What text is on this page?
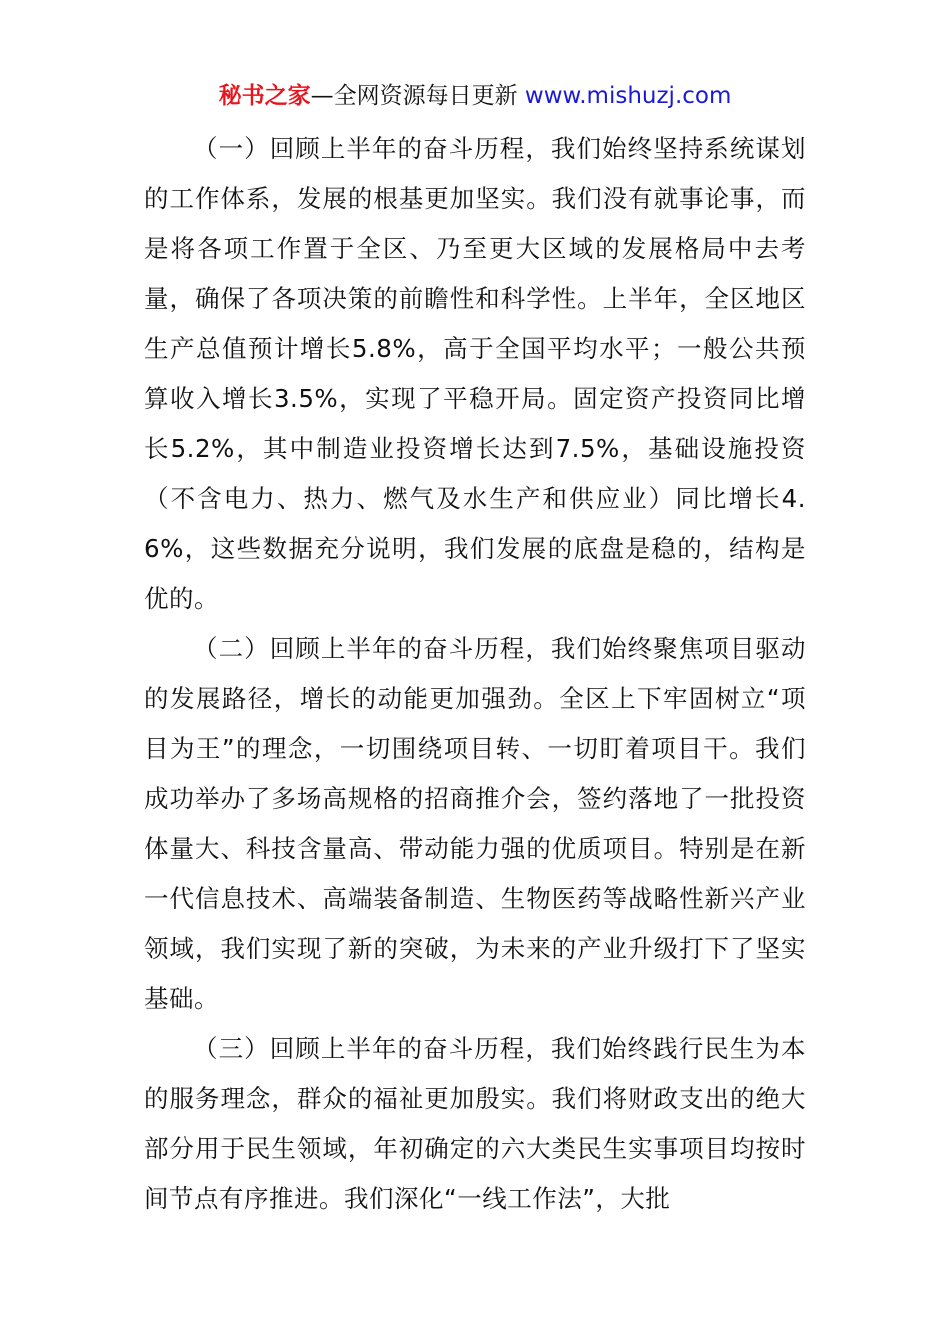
秘书之家—全网资源每日更新 www.mishuzj.com

（一）回顾上半年的奋斗历程，我们始终坚持系统谋划的工作体系，发展的根基更加坚实。我们没有就事论事，而是将各项工作置于全区、乃至更大区域的发展格局中去考量，确保了各项决策的前瞻性和科学性。上半年，全区地区生产总值预计增长5.8%，高于全国平均水平；一般公共预算收入增长3.5%，实现了平稳开局。固定资产投资同比增长5.2%，其中制造业投资增长达到7.5%，基础设施投资（不含电力、热力、燃气及水生产和供应业）同比增长4.6%，这些数据充分说明，我们发展的底盘是稳的，结构是优的。

（二）回顾上半年的奋斗历程，我们始终聚焦项目驱动的发展路径，增长的动能更加强劲。全区上下牢固树立“项目为王”的理念，一切围绕项目转、一切盯着项目干。我们成功举办了多场高规格的招商推介会，签约落地了一批投资体量大、科技含量高、带动能力强的优质项目。特别是在新一代信息技术、高端装备制造、生物医药等战略性新兴产业领域，我们实现了新的突破，为未来的产业升级打下了坚实基础。

（三）回顾上半年的奋斗历程，我们始终践行民生为本的服务理念，群众的福祉更加殷实。我们将财政支出的绝大部分用于民生领域，年初确定的六大类民生实事项目均按时间节点有序推进。我们深化“一线工作法”，大批
